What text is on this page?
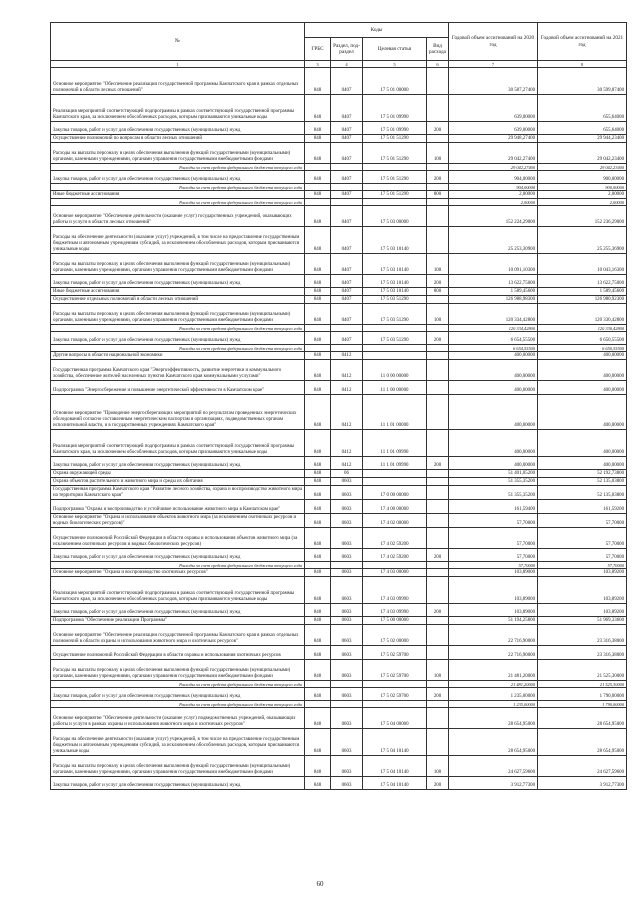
№	Коды				Годовой объем ассигнований на 2020 год	Годовой объем ассигнований на 2021 год
	ГРБС	Раздел, под-раздел	Целевая статья	Вид расхода		
1	3	4	5	6	7	8
Основное мероприятие "Обеспечение реализации государственной программы Камчатского края в рамках отдельных полномочий в области лесных отношений"	848	0407	17 5 01 00000		30 587,27400	30 599,87400
Реализация мероприятий соответствующей подпрограммы в рамках соответствующей государственной программы Камчатского края, за исключением обособленных расходов, которым присваиваются уникальные коды	848	0407	17 5 01 09990		639,00000	655,64000
Закупка товаров, работ и услуг для обеспечения государственных (муниципальных) нужд	848	0407	17 5 01 09990	200	639,00000	655,64000
Осуществление полномочий по вопросам в области лесных отношений	848	0407	17 5 01 51290		29 948,27400	29 944,23400
Расходы на выплаты персоналу в целях обеспечения выполнения функций государственными (муниципальными) органами, казенными учреждениями, органами управления государственными внебюджетными фондами	848	0407	17 5 01 51290	100	29 042,27400	29 042,23400
Расходы за счет средств федерального бюджета текущего года					29 042,27400	29 042,23400
Закупка товаров, работ и услуг для обеспечения государственных (муниципальных) нужд	848	0407	17 5 01 51290	200	904,00000	900,00000
Расходы за счет средств федерального бюджета текущего года					904,00000	900,00000
Иные бюджетные ассигнования	848	0407	17 5 01 51290	800	2,00000	2,00000
Расходы за счет средств федерального бюджета текущего года					2,00000	2,00000
Основное мероприятие "Обеспечение деятельности (оказание услуг) государственных учреждений, оказывающих работы и услуги в области лесных отношений"	848	0407	17 5 03 00000		152 224,29000	152 236,29000
Расходы на обеспечение деятельности (оказание услуг) учреждений, в том числе на предоставление государственным бюджетным и автономным учреждениям субсидий, за исключением обособленных расходов, которым присваиваются уникальные коды	848	0407	17 5 03 10140		25 253,30900	25 255,36900
Расходы на выплаты персоналу в целях обеспечения выполнения функций государственными (муниципальными) органами, казенными учреждениями, органами управления государственными внебюджетными фондами	848	0407	17 5 03 10140	100	10 091,10300	10 043,16300
Закупка товаров, работ и услуг для обеспечения государственных (муниципальных) нужд	848	0407	17 5 03 10140	200	13 622,75000	13 622,75000
Иные бюджетные ассигнования	848	0407	17 5 03 10140	800	1 589,45600	1 589,45600
Осуществление отдельных полномочий в области лесных отношений	848	0407	17 5 03 51290		126 988,98300	126 980,92300
Расходы на выплаты персоналу в целях обеспечения выполнения функций государственными (муниципальными) органами, казенными учреждениями, органами управления государственными внебюджетными фондами	848	0407	17 5 03 51290	100	120 334,42800	120 330,42800
Расходы за счет средств федерального бюджета текущего года					120 334,42800	120 330,42800
Закупка товаров, работ и услуг для обеспечения государственных (муниципальных) нужд	848	0407	17 5 03 51290	200	6 654,55500	6 650,55500
Расходы за счет средств федерального бюджета текущего года					6 654,55500	6 650,55500
Другие вопросы в области национальной экономики	848	0412			400,00000	400,00000
Государственная программа Камчатского края "Энергоэффективность, развитие энергетики и коммунального хозяйства, обеспечение жителей населенных пунктов Камчатского края коммунальными услугами"	848	0412	11 0 00 00000		400,00000	400,00000
Подпрограмма "Энергосбережение и повышение энергетической эффективности в Камчатском крае"	848	0412	11 1 00 00000		400,00000	400,00000
Основное мероприятие "Проведение энергосберегающих мероприятий по результатам проведенных энергетических обследований согласно составленным энергетическим паспортам в организациях, подведомственных органам исполнительной власти, и в государственных учреждениях Камчатского края"	848	0412	11 1 01 00000		400,00000	400,00000
Реализация мероприятий соответствующей подпрограммы в рамках соответствующей государственной программы Камчатского края, за исключением обособленных расходов, которым присваиваются уникальные коды	848	0412	11 1 01 09990		400,00000	400,00000
Закупка товаров, работ и услуг для обеспечения государственных (муниципальных) нужд	848	0412	11 1 01 09990	200	400,00000	400,00000
Охрана окружающей среды	848	06			51 401,05200	52 192,73800
Охрана объектов растительного и животного мира и среды их обитания	848	0603			51 355,35200	52 135,03800
Государственная программа Камчатского края "Развитие лесного хозяйства, охрана и воспроизводство животного мира на территории Камчатского края"	848	0603	17 0 00 00000		51 355,35200	52 135,03800
Подпрограмма "Охрана и воспроизводство и устойчивое использование животного мира в Камчатском крае"	848	0603	17 4 00 00000		161,59400	161,59200
Основное мероприятие "Охрана и использование объектов животного мира (за исключением охотничьих ресурсов и водных биологических ресурсов)"	848	0603	17 4 02 00000		57,70000	57,70000
Осуществление полномочий Российской Федерации в области охраны и использования объектов животного мира (за исключением охотничьих ресурсов и водных биологических ресурсов)	848	0603	17 4 02 59200		57,70000	57,70000
Закупка товаров, работ и услуг для обеспечения государственных (муниципальных) нужд	848	0603	17 4 02 59200	200	57,70000	57,70000
Расходы за счет средств федерального бюджета текущего года					57,70000	57,70000
Основное мероприятие "Охрана и воспроизводство охотничьих ресурсов"	848	0603	17 4 03 00000		103,89000	103,89200
Реализация мероприятий соответствующей подпрограммы в рамках соответствующей государственной программы Камчатского края, за исключением обособленных расходов, которым присваиваются уникальные коды	848	0603	17 4 03 09990		103,89000	103,89200
Закупка товаров, работ и услуг для обеспечения государственных (муниципальных) нужд	848	0603	17 4 03 09990	200	103,89000	103,89200
Подпрограмма "Обеспечение реализации Программы"	848	0603	17 5 00 00000		51 194,25800	51 969,33600
Основное мероприятие "Обеспечение реализации государственной программы Камчатского края в рамках отдельных полномочий в области охраны и использования животного мира и охотничьих ресурсов"	848	0603	17 5 02 00000		22 716,90000	23 316,38000
Осуществление полномочий Российской Федерации в области охраны и использования охотничьих ресурсов	848	0603	17 5 02 59700		22 716,90000	23 316,38000
Расходы на выплаты персоналу в целях обеспечения выполнения функций государственными (муниципальными) органами, казенными учреждениями, органами управления государственными внебюджетными фондами	848	0603	17 5 02 59700	100	21 481,20000	21 525,30000
Расходы за счет средств федерального бюджета текущего года					21 481,20000	21 525,30000
Закупка товаров, работ и услуг для обеспечения государственных (муниципальных) нужд	848	0603	17 5 02 59700	200	1 235,00000	1 790,00000
Расходы за счет средств федерального бюджета текущего года					1 235,00000	1 790,00000
Основное мероприятие "Обеспечение деятельности (оказание услуг) подведомственных учреждений, оказывающих работы и услуги в рамках охраны и использования животного мира и охотничьих ресурсов"	848	0603	17 5 04 00000		28 654,95000	28 654,95000
Расходы на обеспечение деятельности (оказание услуг) учреждений, в том числе на предоставление государственным бюджетным и автономным учреждениям субсидий, за исключением обособленных расходов, которым присваиваются уникальные коды	848	0603	17 5 04 10140		28 654,95000	28 654,95000
Расходы на выплаты персоналу в целях обеспечения выполнения функций государственными (муниципальными) органами, казенными учреждениями, органами управления государственными внебюджетными фондами	848	0603	17 5 04 10140	100	24 627,59600	24 627,59600
Закупка товаров, работ и услуг для обеспечения государственных (муниципальных) нужд	848	0603	17 5 04 10140	200	3 912,77300	3 912,77300
60
